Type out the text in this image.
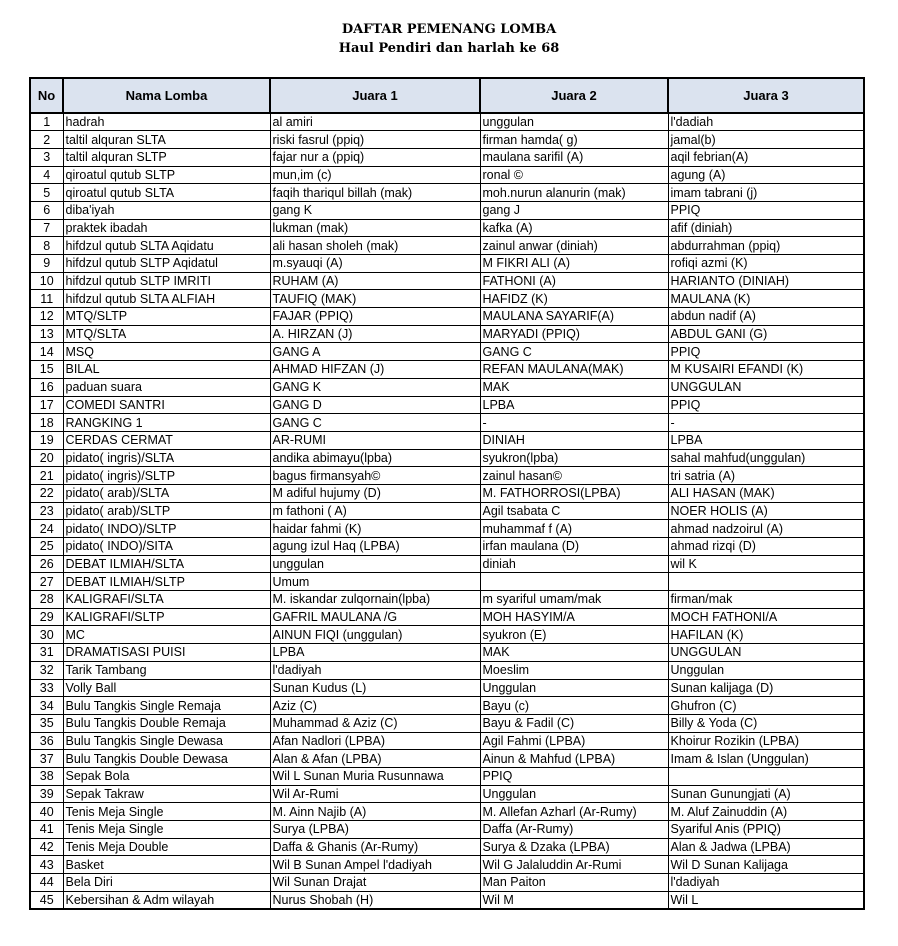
DAFTAR PEMENANG LOMBA
Haul Pendiri dan harlah ke 68
No	Nama Lomba	Juara 1	Juara 2	Juara 3
1	hadrah	al amiri	unggulan	l'dadiah
2	taltil alquran SLTA	riski fasrul (ppiq)	firman hamda( g)	jamal(b)
3	taltil alquran SLTP	fajar nur a (ppiq)	maulana sarifil (A)	aqil febrian(A)
4	qiroatul qutub SLTP	mun,im (c)	ronal ©	agung (A)
5	qiroatul qutub SLTA	faqih thariqul billah (mak)	moh.nurun alanurin (mak)	imam tabrani (j)
6	diba'iyah	gang K	gang J	PPIQ
7	praktek ibadah	lukman (mak)	kafka (A)	afif (diniah)
8	hifdzul qutub SLTA Aqidatu	ali hasan sholeh (mak)	zainul anwar (diniah)	abdurrahman (ppiq)
9	hifdzul qutub SLTP Aqidatul	m.syauqi (A)	M FIKRI ALI (A)	rofiqi azmi (K)
10	hifdzul qutub SLTP IMRITI	RUHAM (A)	FATHONI (A)	HARIANTO (DINIAH)
11	hifdzul qutub SLTA ALFIAH	TAUFIQ (MAK)	HAFIDZ (K)	MAULANA (K)
12	MTQ/SLTP	FAJAR (PPIQ)	MAULANA SAYARIF(A)	abdun nadif (A)
13	MTQ/SLTA	A. HIRZAN (J)	MARYADI (PPIQ)	ABDUL GANI (G)
14	MSQ	GANG A	GANG C	PPIQ
15	BILAL	AHMAD HIFZAN (J)	REFAN MAULANA(MAK)	M KUSAIRI EFANDI (K)
16	paduan suara	GANG K	MAK	UNGGULAN
17	COMEDI SANTRI	GANG D	LPBA	PPIQ
18	RANGKING 1	GANG C	-	-
19	CERDAS CERMAT	AR-RUMI	DINIAH	LPBA
20	pidato( ingris)/SLTA	andika abimayu(lpba)	syukron(lpba)	sahal mahfud(unggulan)
21	pidato( ingris)/SLTP	bagus firmansyah©	zainul hasan©	tri satria (A)
22	pidato( arab)/SLTA	M adiful hujumy (D)	M. FATHORROSI(LPBA)	ALI HASAN (MAK)
23	pidato( arab)/SLTP	m fathoni ( A)	Agil tsabata C	NOER HOLIS (A)
24	pidato( INDO)/SLTP	haidar fahmi (K)	muhammaf f (A)	ahmad nadzoirul (A)
25	pidato( INDO)/SITA	agung izul Haq (LPBA)	irfan maulana (D)	ahmad rizqi (D)
26	DEBAT ILMIAH/SLTA	unggulan	diniah	wil K
27	DEBAT ILMIAH/SLTP	Umum		
28	KALIGRAFI/SLTA	M. iskandar zulqornain(lpba)	m syariful umam/mak	firman/mak
29	KALIGRAFI/SLTP	GAFRIL MAULANA /G	MOH HASYIM/A	MOCH FATHONI/A
30	MC	AINUN FIQI (unggulan)	syukron (E)	HAFILAN (K)
31	DRAMATISASI PUISI	LPBA	MAK	UNGGULAN
32	Tarik Tambang	l'dadiyah	Moeslim	Unggulan
33	Volly Ball	Sunan Kudus (L)	Unggulan	Sunan kalijaga (D)
34	Bulu Tangkis Single Remaja	Aziz (C)	Bayu (c)	Ghufron (C)
35	Bulu Tangkis Double Remaja	Muhammad & Aziz (C)	Bayu & Fadil (C)	Billy & Yoda (C)
36	Bulu Tangkis Single Dewasa	Afan Nadlori (LPBA)	Agil Fahmi (LPBA)	Khoirur Rozikin (LPBA)
37	Bulu Tangkis Double Dewasa	Alan & Afan (LPBA)	Ainun & Mahfud (LPBA)	Imam & Islan (Unggulan)
38	Sepak Bola	Wil L Sunan Muria Rusunnawa	PPIQ	
39	Sepak Takraw	Wil Ar-Rumi	Unggulan	Sunan Gunungjati (A)
40	Tenis Meja Single	M. Ainn Najib (A)	M. Allefan Azharl (Ar-Rumy)	M. Aluf Zainuddin (A)
41	Tenis Meja Single	Surya (LPBA)	Daffa (Ar-Rumy)	Syariful Anis (PPIQ)
42	Tenis Meja Double	Daffa & Ghanis (Ar-Rumy)	Surya & Dzaka (LPBA)	Alan & Jadwa (LPBA)
43	Basket	Wil B Sunan Ampel l'dadiyah	Wil G Jalaluddin Ar-Rumi	Wil D Sunan Kalijaga
44	Bela Diri	Wil Sunan Drajat	Man Paiton	l'dadiyah
45	Kebersihan & Adm wilayah	Nurus Shobah (H)	Wil M	Wil L
